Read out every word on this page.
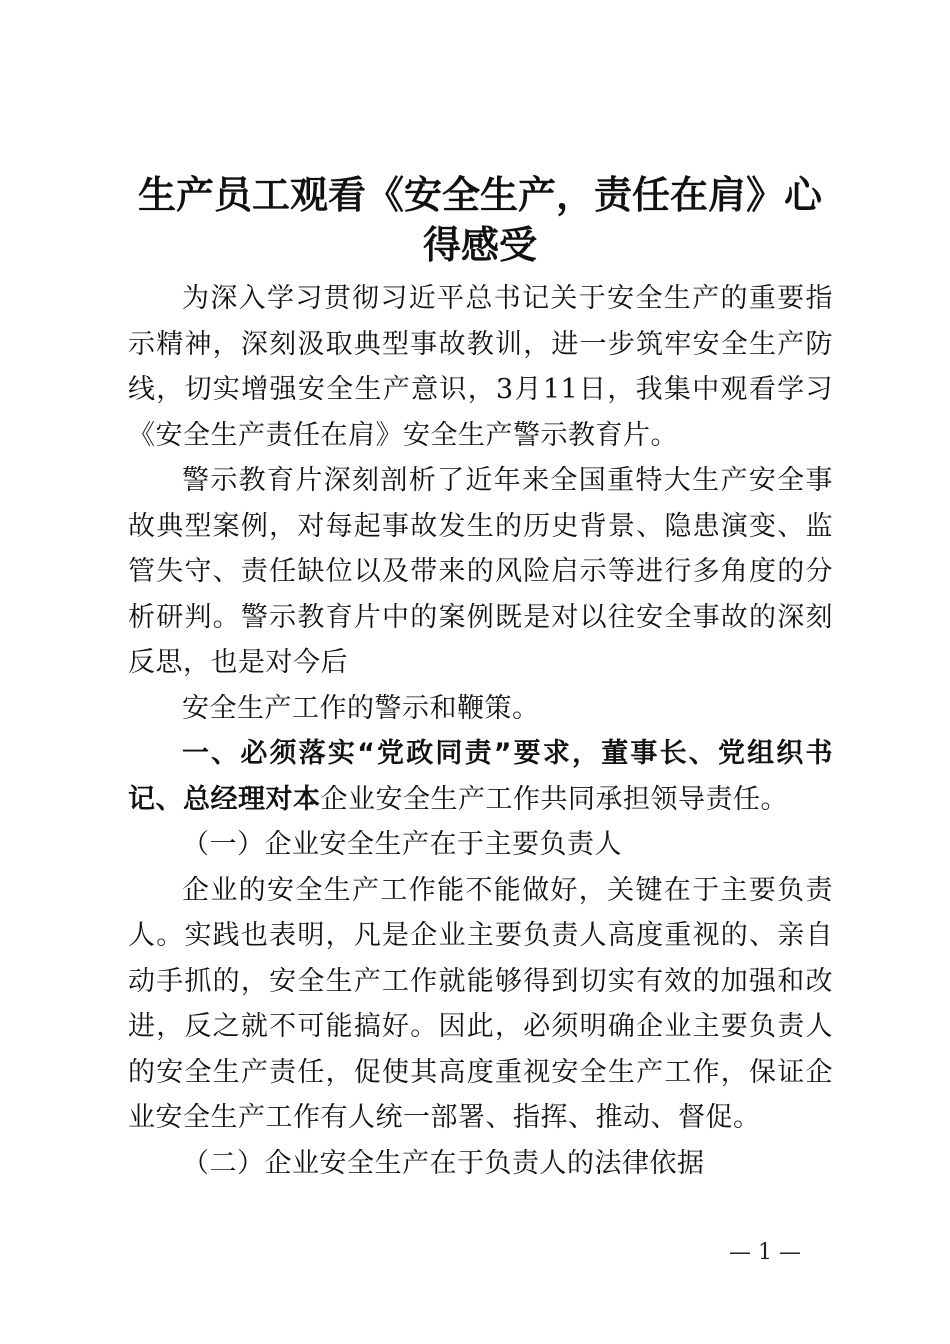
生产员工观看《安全生产，责任在肩》心得感受

为深入学习贯彻习近平总书记关于安全生产的重要指示精神，深刻汲取典型事故教训，进一步筑牢安全生产防线，切实增强安全生产意识，3月11日，我集中观看学习《安全生产责任在肩》安全生产警示教育片。

警示教育片深刻剖析了近年来全国重特大生产安全事故典型案例，对每起事故发生的历史背景、隐患演变、监管失守、责任缺位以及带来的风险启示等进行多角度的分析研判。警示教育片中的案例既是对以往安全事故的深刻反思，也是对今后

安全生产工作的警示和鞭策。

一、必须落实“党政同责”要求，董事长、党组织书记、总经理对本企业安全生产工作共同承担领导责任。

（一）企业安全生产在于主要负责人

企业的安全生产工作能不能做好，关键在于主要负责人。实践也表明，凡是企业主要负责人高度重视的、亲自动手抓的，安全生产工作就能够得到切实有效的加强和改进，反之就不可能搞好。因此，必须明确企业主要负责人的安全生产责任，促使其高度重视安全生产工作，保证企业安全生产工作有人统一部署、指挥、推动、督促。

（二）企业安全生产在于负责人的法律依据

— 1 —
